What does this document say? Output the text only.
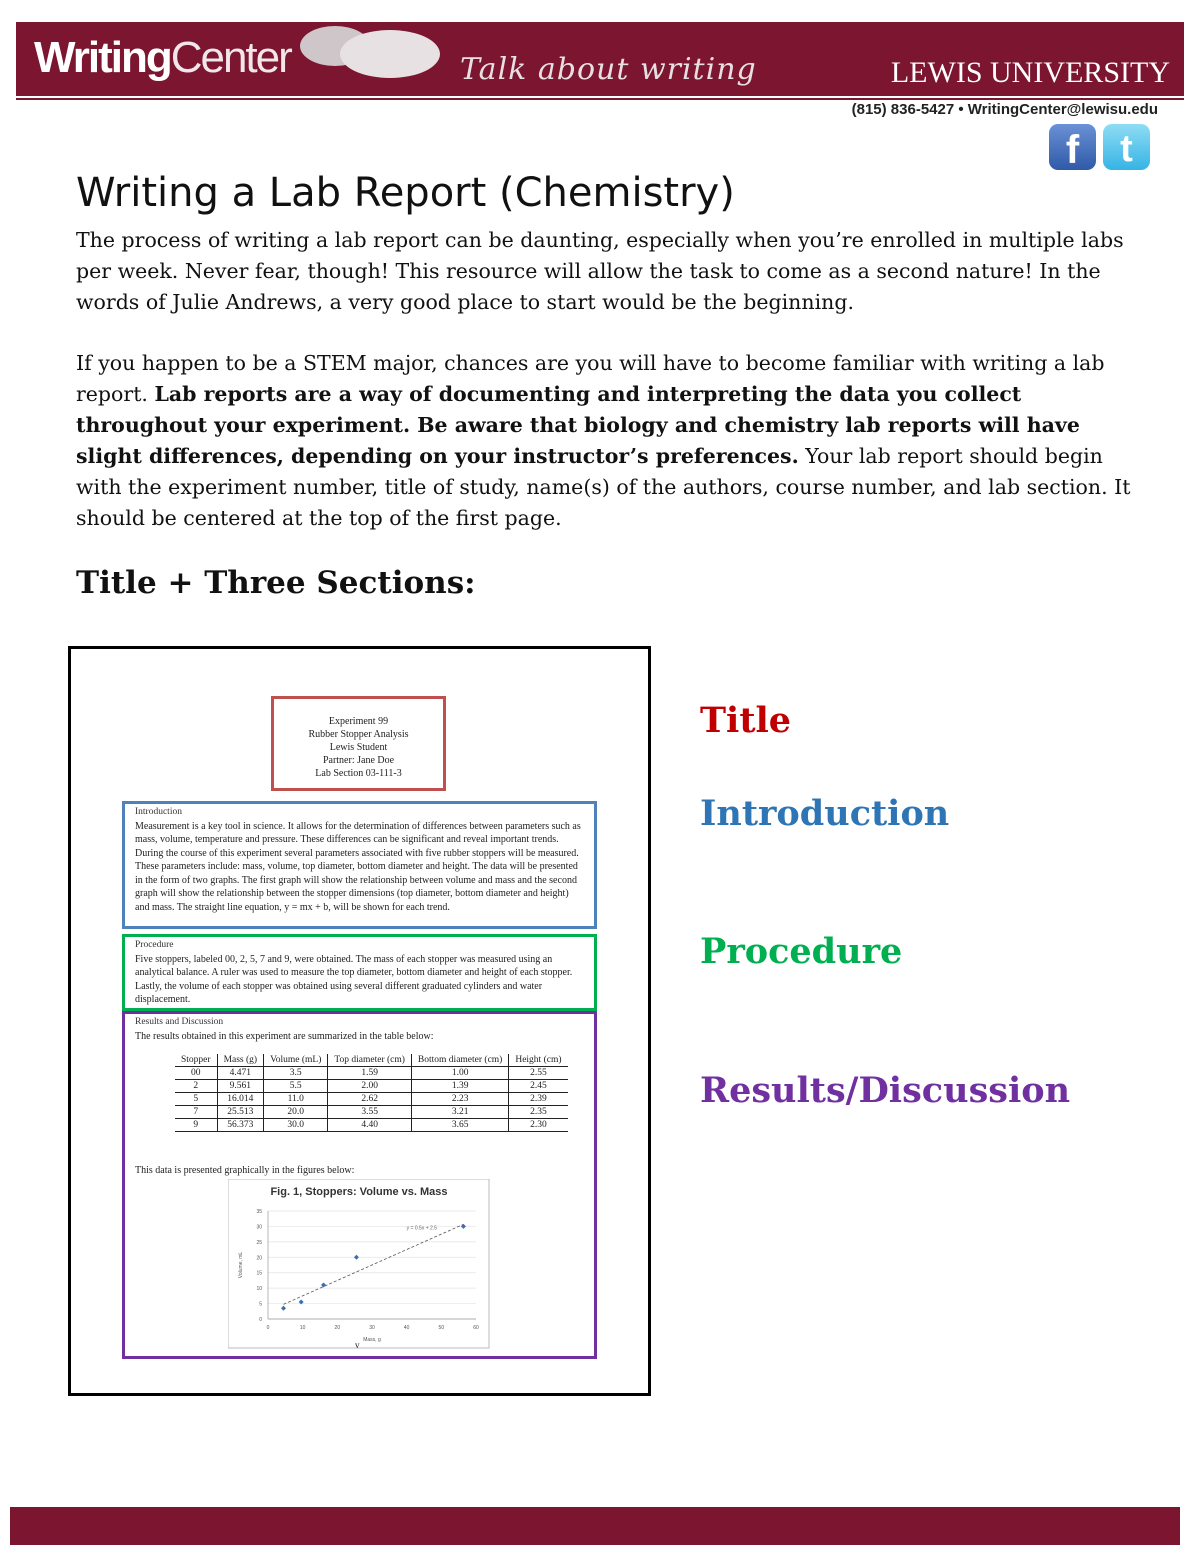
WritingCenter	Talk about writing	LEWIS UNIVERSITY
(815) 836-5427 • WritingCenter@lewisu.edu
f	t
Writing a Lab Report (Chemistry)

The process of writing a lab report can be daunting, especially when you’re enrolled in multiple labs per week. Never fear, though! This resource will allow the task to come as a second nature! In the words of Julie Andrews, a very good place to start would be the beginning.

If you happen to be a STEM major, chances are you will have to become familiar with writing a lab report. Lab reports are a way of documenting and interpreting the data you collect throughout your experiment. Be aware that biology and chemistry lab reports will have slight differences, depending on your instructor’s preferences. Your lab report should begin with the experiment number, title of study, name(s) of the authors, course number, and lab section. It should be centered at the top of the first page.

Title + Three Sections:
Experiment 99
Rubber Stopper Analysis
Lewis Student
Partner: Jane Doe
Lab Section 03-111-3
Introduction
Measurement is a key tool in science. It allows for the determination of differences between parameters such as mass, volume, temperature and pressure. These differences can be significant and reveal important trends. During the course of this experiment several parameters associated with five rubber stoppers will be measured. These parameters include: mass, volume, top diameter, bottom diameter and height. The data will be presented in the form of two graphs. The first graph will show the relationship between volume and mass and the second graph will show the relationship between the stopper dimensions (top diameter, bottom diameter and height) and mass. The straight line equation, y = mx + b, will be shown for each trend.
Procedure
Five stoppers, labeled 00, 2, 5, 7 and 9, were obtained. The mass of each stopper was measured using an analytical balance. A ruler was used to measure the top diameter, bottom diameter and height of each stopper. Lastly, the volume of each stopper was obtained using several different graduated cylinders and water displacement.
Results and Discussion
The results obtained in this experiment are summarized in the table below:
Stopper	Mass (g)	Volume (mL)	Top diameter (cm)	Bottom diameter (cm)	Height (cm)
00	4.471	3.5	1.59	1.00	2.55
2	9.561	5.5	2.00	1.39	2.45
5	16.014	11.0	2.62	2.23	2.39
7	25.513	20.0	3.55	3.21	2.35
9	56.373	30.0	4.40	3.65	2.30
This data is presented graphically in the figures below:
Fig. 1, Stoppers: Volume vs. Mass
0
5
10
15
20
25
30
35
0	10	20	30	40	50	60
y = 0.5x + 2.5
Mass, g
Volume, mL
v
Title
Introduction
Procedure
Results/Discussion
